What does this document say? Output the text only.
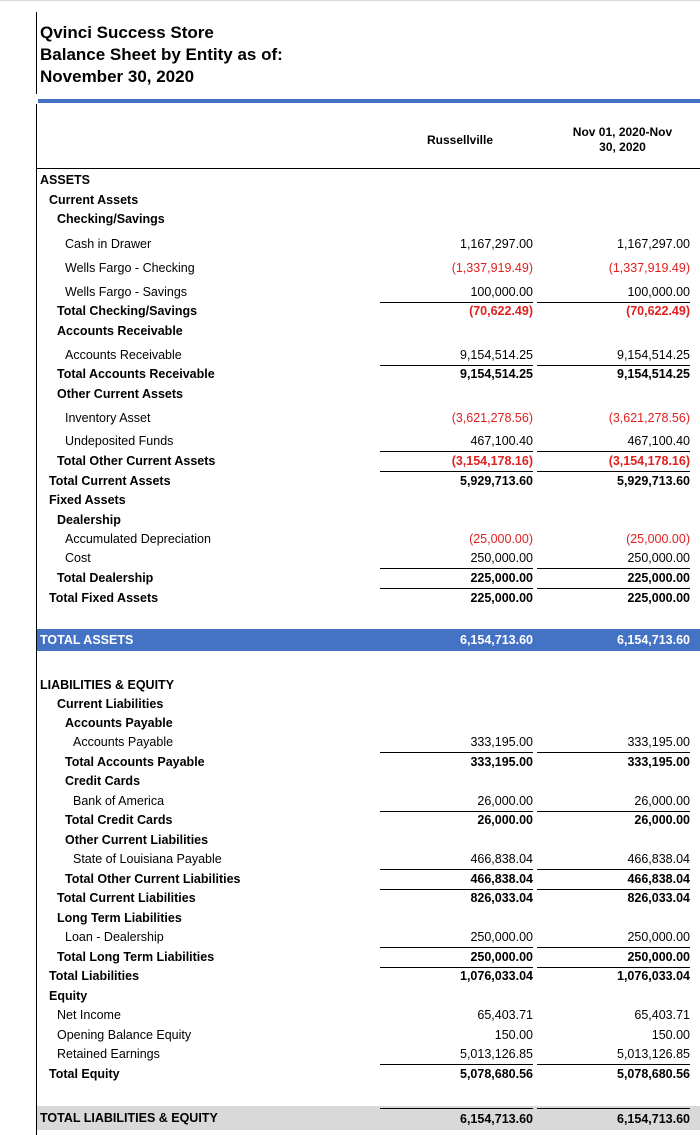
Qvinci Success Store
Balance Sheet by Entity as of:
November 30, 2020
Russellville
Nov 01, 2020-Nov
30, 2020
ASSETS
Current Assets
Checking/Savings
Cash in Drawer	1,167,297.00	1,167,297.00
Wells Fargo - Checking	(1,337,919.49)	(1,337,919.49)
Wells Fargo - Savings	100,000.00	100,000.00
Total Checking/Savings	(70,622.49)	(70,622.49)
Accounts Receivable
Accounts Receivable	9,154,514.25	9,154,514.25
Total Accounts Receivable	9,154,514.25	9,154,514.25
Other Current Assets
Inventory Asset	(3,621,278.56)	(3,621,278.56)
Undeposited Funds	467,100.40	467,100.40
Total Other Current Assets	(3,154,178.16)	(3,154,178.16)
Total Current Assets	5,929,713.60	5,929,713.60
Fixed Assets
Dealership
Accumulated Depreciation	(25,000.00)	(25,000.00)
Cost	250,000.00	250,000.00
Total Dealership	225,000.00	225,000.00
Total Fixed Assets	225,000.00	225,000.00
TOTAL ASSETS	6,154,713.60	6,154,713.60
LIABILITIES & EQUITY
Current Liabilities
Accounts Payable
Accounts Payable	333,195.00	333,195.00
Total Accounts Payable	333,195.00	333,195.00
Credit Cards
Bank of America	26,000.00	26,000.00
Total Credit Cards	26,000.00	26,000.00
Other Current Liabilities
State of Louisiana Payable	466,838.04	466,838.04
Total Other Current Liabilities	466,838.04	466,838.04
Total Current Liabilities	826,033.04	826,033.04
Long Term Liabilities
Loan - Dealership	250,000.00	250,000.00
Total Long Term Liabilities	250,000.00	250,000.00
Total Liabilities	1,076,033.04	1,076,033.04
Equity
Net Income	65,403.71	65,403.71
Opening Balance Equity	150.00	150.00
Retained Earnings	5,013,126.85	5,013,126.85
Total Equity	5,078,680.56	5,078,680.56
TOTAL LIABILITIES & EQUITY	6,154,713.60	6,154,713.60
